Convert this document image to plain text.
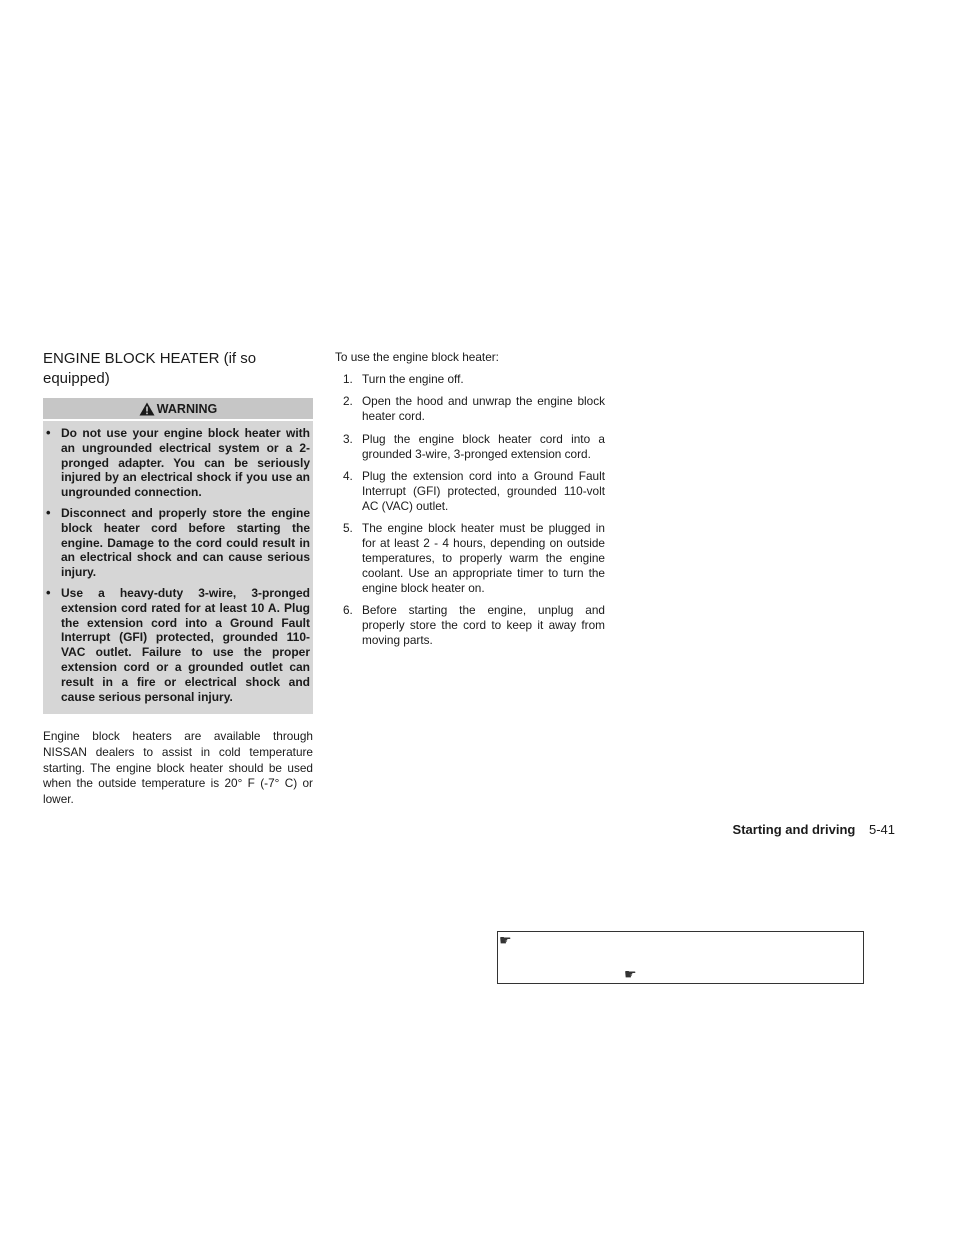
ENGINE BLOCK HEATER (if so equipped)
WARNING
• Do not use your engine block heater with an ungrounded electrical system or a 2-pronged adapter. You can be seriously injured by an electrical shock if you use an ungrounded connection.
• Disconnect and properly store the engine block heater cord before starting the engine. Damage to the cord could result in an electrical shock and can cause serious injury.
• Use a heavy-duty 3-wire, 3-pronged extension cord rated for at least 10 A. Plug the extension cord into a Ground Fault Interrupt (GFI) protected, grounded 110-VAC outlet. Failure to use the proper extension cord or a grounded outlet can result in a fire or electrical shock and cause serious personal injury.

Engine block heaters are available through NISSAN dealers to assist in cold temperature starting. The engine block heater should be used when the outside temperature is 20° F (-7° C) or lower.

To use the engine block heater:

1. Turn the engine off.
2. Open the hood and unwrap the engine block heater cord.
3. Plug the engine block heater cord into a grounded 3-wire, 3-pronged extension cord.
4. Plug the extension cord into a Ground Fault Interrupt (GFI) protected, grounded 110-volt AC (VAC) outlet.
5. The engine block heater must be plugged in for at least 2 - 4 hours, depending on outside temperatures, to properly warm the engine coolant. Use an appropriate timer to turn the engine block heater on.
6. Before starting the engine, unplug and properly store the cord to keep it away from moving parts.
Starting and driving 5-41
☛
☛
